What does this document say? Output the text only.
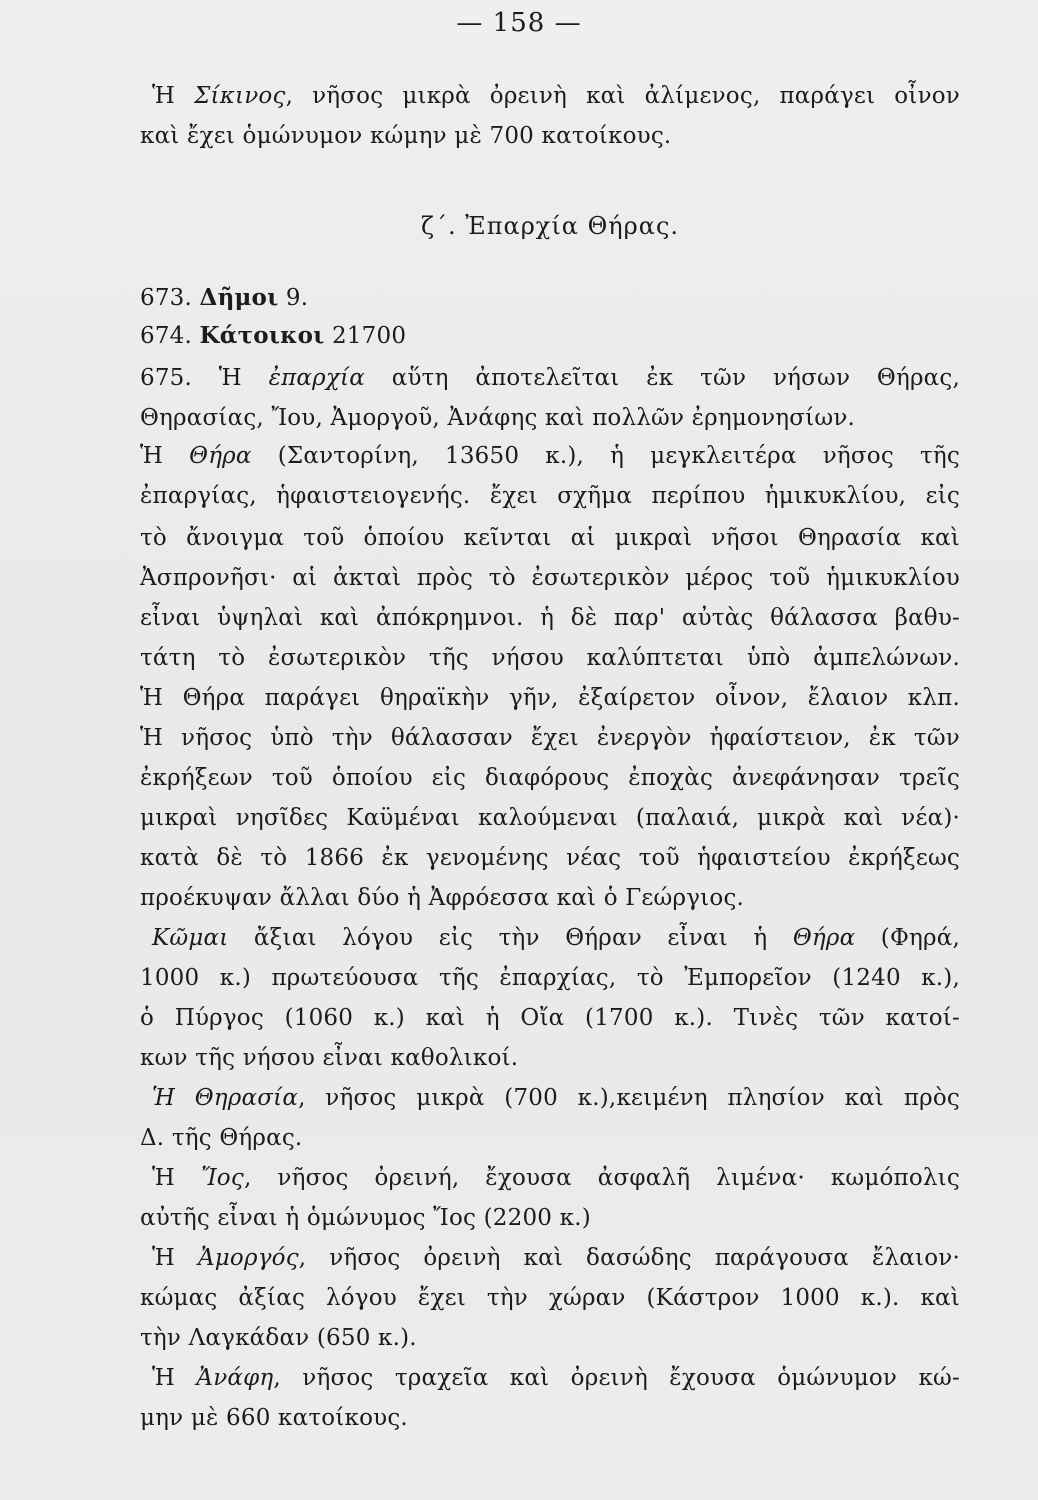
— 158 —
Ἡ Σίκινος, νῆσος μικρὰ ὀρεινὴ καὶ ἀλίμενος, παράγει οἶνον
καὶ ἔχει ὁμώνυμον κώμην μὲ 700 κατοίκους.
ζ΄. Ἐπαρχία Θήρας.
673. Δῆμοι 9.
674. Κάτοικοι 21700
675. Ἡ ἐπαρχία αὕτη ἀποτελεῖται ἐκ τῶν νήσων Θήρας,
Θηρασίας, Ἴου, Ἀμοργοῦ, Ἀνάφης καὶ πολλῶν ἐρημονησίων.
Ἡ Θήρα (Σαντορίνη, 13650 κ.), ἡ μεγκλειτέρα νῆσος τῆς
ἐπαργίας, ἡφαιστειογενής. ἔχει σχῆμα περίπου ἡμικυκλίου, εἰς
τὸ ἄνοιγμα τοῦ ὁποίου κεῖνται αἱ μικραὶ νῆσοι Θηρασία καὶ
Ἀσπρονῆσι· αἱ ἀκταὶ πρὸς τὸ ἐσωτερικὸν μέρος τοῦ ἡμικυκλίου
εἶναι ὑψηλαὶ καὶ ἀπόκρημνοι. ἡ δὲ παρ' αὐτὰς θάλασσα βαθυ-
τάτη τὸ ἐσωτερικὸν τῆς νήσου καλύπτεται ὑπὸ ἀμπελώνων.
Ἡ Θήρα παράγει θηραϊκὴν γῆν, ἐξαίρετον οἶνον, ἔλαιον κλπ.
Ἡ νῆσος ὑπὸ τὴν θάλασσαν ἔχει ἐνεργὸν ἡφαίστειον, ἐκ τῶν
ἐκρήξεων τοῦ ὁποίου εἰς διαφόρους ἐποχὰς ἀνεφάνησαν τρεῖς
μικραὶ νησῖδες Καϋμέναι καλούμεναι (παλαιά, μικρὰ καὶ νέα)·
κατὰ δὲ τὸ 1866 ἐκ γενομένης νέας τοῦ ἡφαιστείου ἐκρήξεως
προέκυψαν ἄλλαι δύο ἡ Ἀφρόεσσα καὶ ὁ Γεώργιος.
Κῶμαι ἄξιαι λόγου εἰς τὴν Θήραν εἶναι ἡ Θήρα (Φηρά,
1000 κ.) πρωτεύουσα τῆς ἐπαρχίας, τὸ Ἐμπορεῖον (1240 κ.),
ὁ Πύργος (1060 κ.) καὶ ἡ Οἴα (1700 κ.). Τινὲς τῶν κατοί-
κων τῆς νήσου εἶναι καθολικοί.
Ἡ Θηρασία, νῆσος μικρὰ (700 κ.),κειμένη πλησίον καὶ πρὸς
Δ. τῆς Θήρας.
Ἡ Ἴος, νῆσος ὀρεινή, ἔχουσα ἀσφαλῆ λιμένα· κωμόπολις
αὐτῆς εἶναι ἡ ὁμώνυμος Ἴος (2200 κ.)
Ἡ Ἀμοργός, νῆσος ὀρεινὴ καὶ δασώδης παράγουσα ἔλαιον·
κώμας ἀξίας λόγου ἔχει τὴν χώραν (Κάστρον 1000 κ.). καὶ
τὴν Λαγκάδαν (650 κ.).
Ἡ Ἀνάφη, νῆσος τραχεῖα καὶ ὀρεινὴ ἔχουσα ὁμώνυμον κώ-
μην μὲ 660 κατοίκους.
